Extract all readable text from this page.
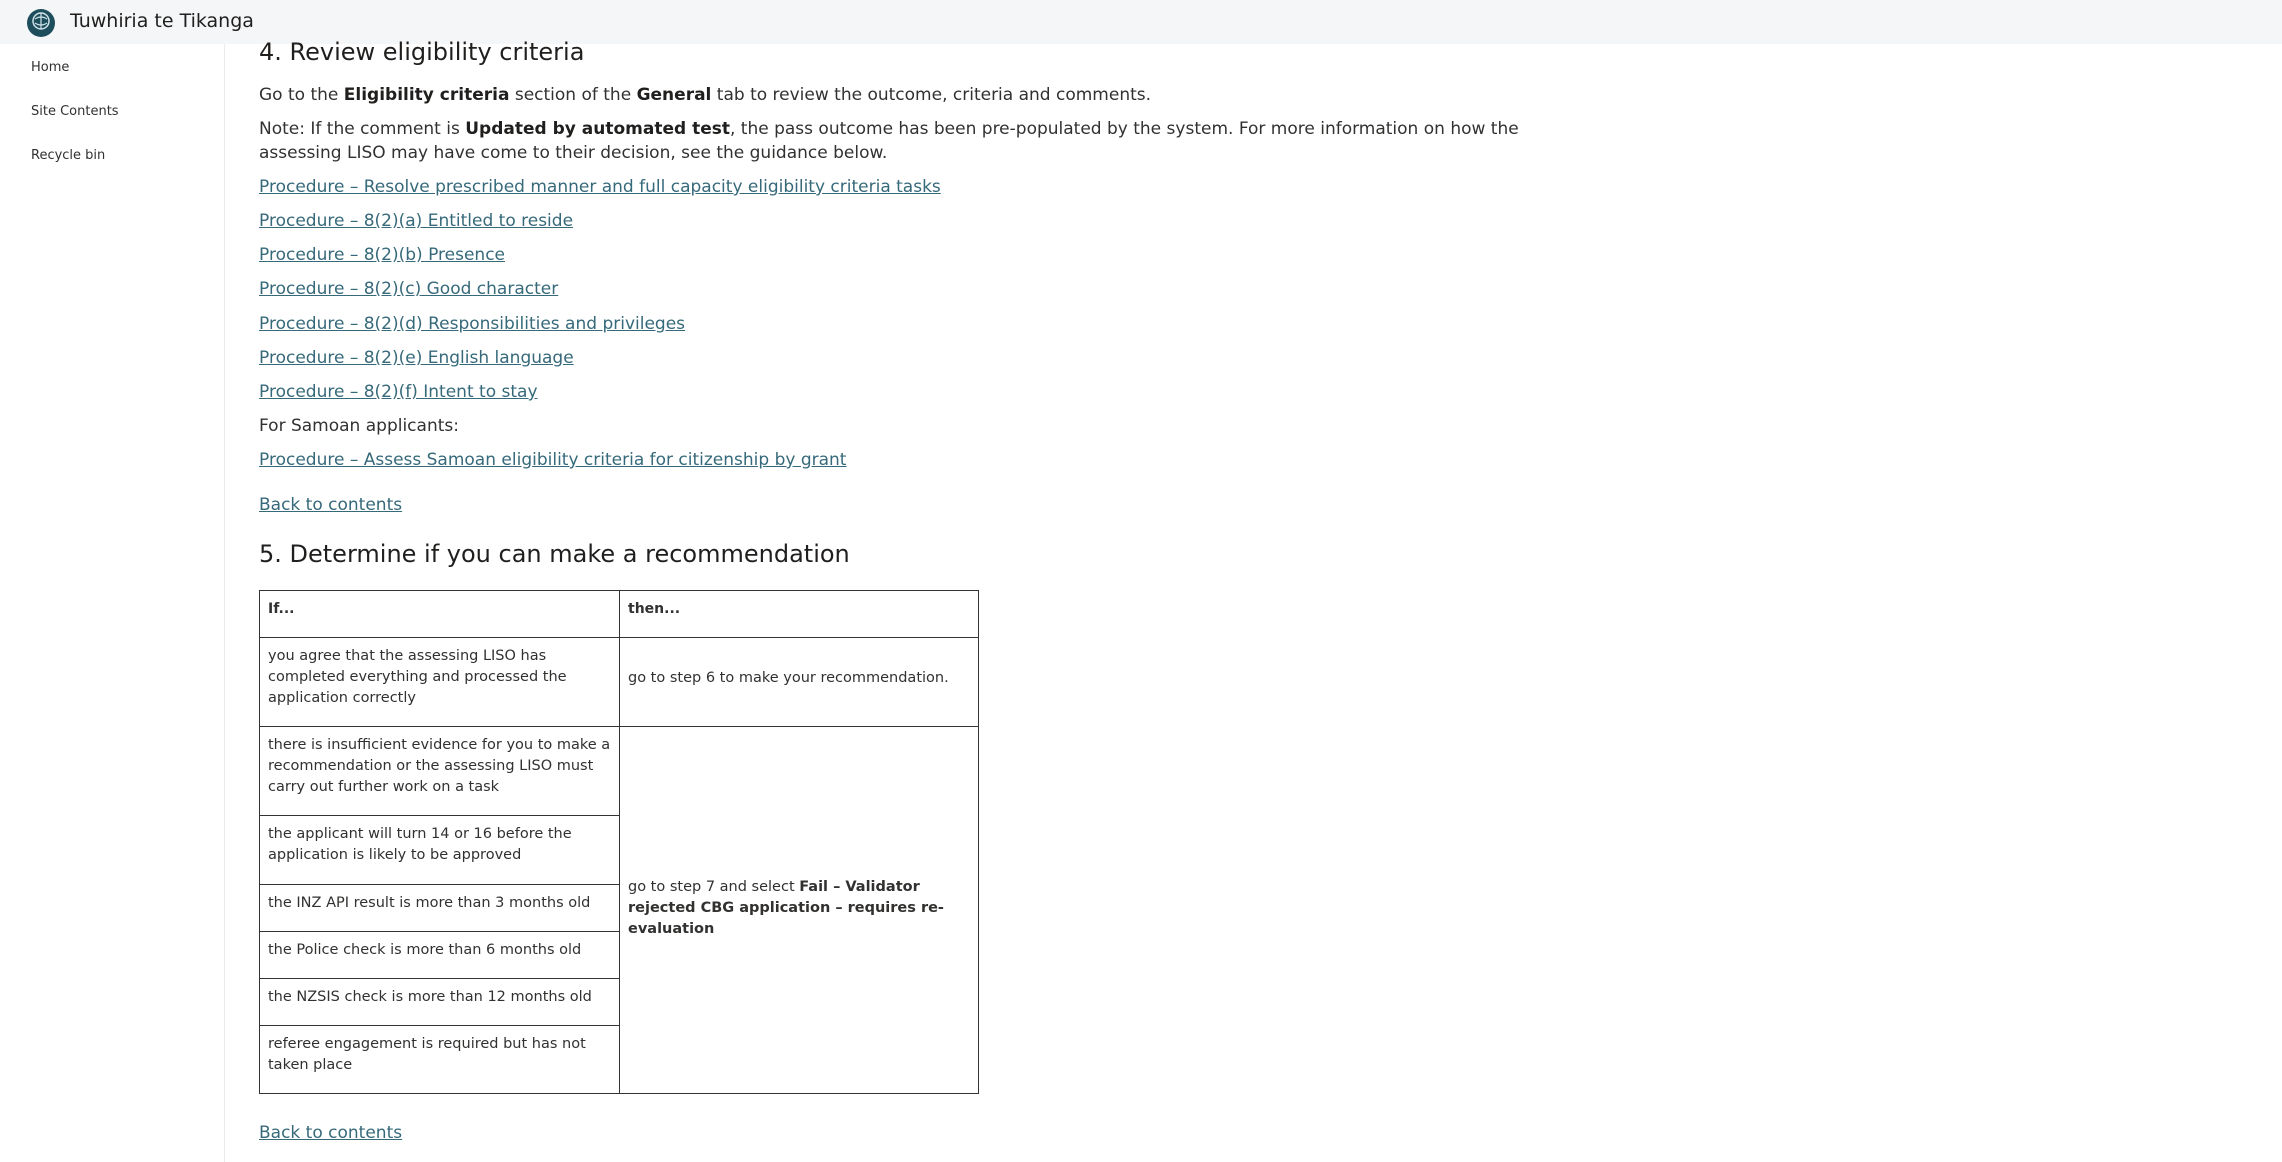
Tuwhiria te Tikanga
Home
Site Contents
Recycle bin
4. Review eligibility criteria
Go to the Eligibility criteria section of the General tab to review the outcome, criteria and comments.
Note: If the comment is Updated by automated test, the pass outcome has been pre-populated by the system. For more information on how the
assessing LISO may have come to their decision, see the guidance below.
Procedure – Resolve prescribed manner and full capacity eligibility criteria tasks
Procedure – 8(2)(a) Entitled to reside
Procedure – 8(2)(b) Presence
Procedure – 8(2)(c) Good character
Procedure – 8(2)(d) Responsibilities and privileges
Procedure – 8(2)(e) English language
Procedure – 8(2)(f) Intent to stay
For Samoan applicants:
Procedure – Assess Samoan eligibility criteria for citizenship by grant
Back to contents
5. Determine if you can make a recommendation
If...	then...
you agree that the assessing LISO has completed everything and processed the application correctly
go to step 6 to make your recommendation.
there is insufficient evidence for you to make a recommendation or the assessing LISO must carry out further work on a task
the applicant will turn 14 or 16 before the application is likely to be approved
the INZ API result is more than 3 months old
the Police check is more than 6 months old
the NZSIS check is more than 12 months old
referee engagement is required but has not taken place
go to step 7 and select Fail – Validator rejected CBG application – requires re-evaluation
Back to contents
